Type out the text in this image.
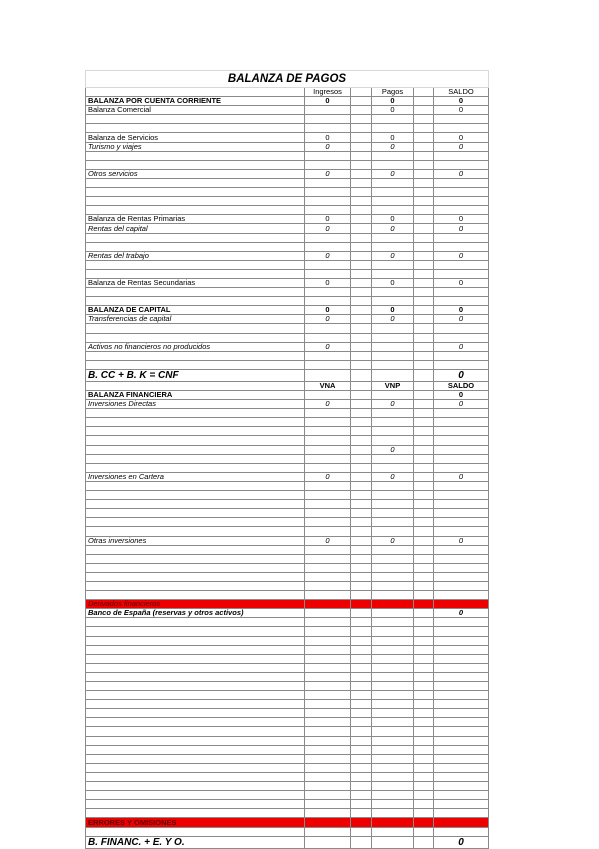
BALANZA DE PAGOS					
	Ingresos		Pagos		SALDO
BALANZA POR CUENTA CORRIENTE	0		0		0
Balanza Comercial			0		0

Balanza de Servicios	0		0		0
Turismo y viajes	0		0		0

Otros servicios	0		0		0

Balanza de Rentas Primarias	0		0		0
Rentas del capital	0		0		0

Rentas del trabajo	0		0		0

Balanza de Rentas Secundarias	0		0		0

BALANZA DE CAPITAL	0		0		0
Transferencias de capital	0		0		0

Activos no financieros no producidos	0				0

B. CC + B. K = CNF					0
	VNA		VNP		SALDO
BALANZA FINANCIERA					0
Inversiones Directas	0		0		0

			0		

Inversiones en Cartera	0		0		0

Otras inversiones	0		0		0

Derivados financieros					
Banco de España (reservas y otros activos)					0

ERRORES Y OMISIONES					

B. FINANC. + E. Y O.					0
